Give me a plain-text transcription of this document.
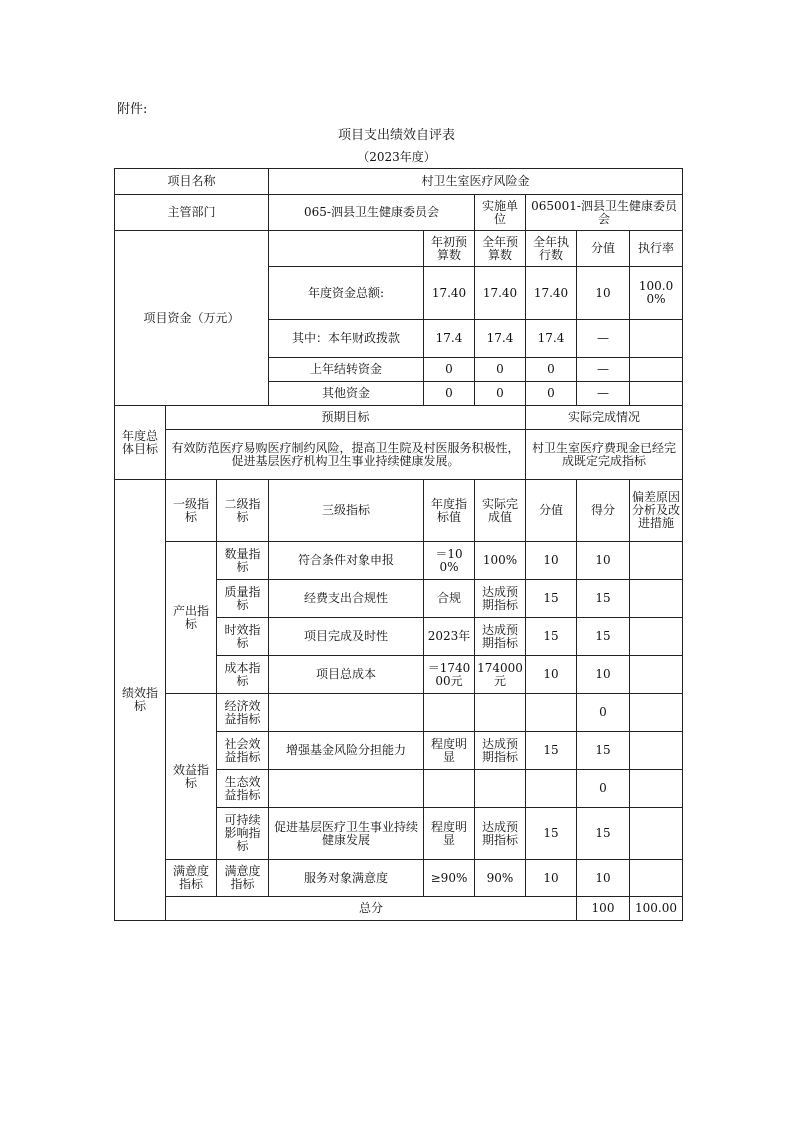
附件:
项目支出绩效自评表
（2023年度）
项目名称			村卫生室医疗风险金						
主管部门			065-泗县卫生健康委员会		实施单位	065001-泗县卫生健康委员会			
项目资金（万元）				年初预算数	全年预算数	全年执行数	分值	执行率	
			年度资金总额:	17.40	17.40	17.40	10	100.00%	
			其中：本年财政拨款	17.4	17.4	17.4	—		
			上年结转资金	0	0	0	—		
			其他资金	0	0	0	—		
年度总体目标	预期目标					实际完成情况			
	有效防范医疗易购医疗制约风险，提高卫生院及村医服务积极性，促进基层医疗机构卫生事业持续健康发展。					村卫生室医疗费现金已经完成既定完成指标			
绩效指标	一级指标	二级指标	三级指标	年度指标值	实际完成值	分值	得分	偏差原因分析及改进措施	
	产出指标	数量指标	符合条件对象申报	＝100%	100%	10	10		
		质量指标	经费支出合规性	合规	达成预期指标	15	15		
		时效指标	项目完成及时性	2023年	达成预期指标	15	15		
		成本指标	项目总成本	＝174000元	174000元	10	10		
	效益指标	经济效益指标					0		
		社会效益指标	增强基金风险分担能力	程度明显	达成预期指标	15	15		
		生态效益指标					0		
		可持续影响指标	促进基层医疗卫生事业持续健康发展	程度明显	达成预期指标	15	15		
	满意度指标	满意度指标	服务对象满意度	≥90%	90%	10	10		
	总分						100	100.00	
